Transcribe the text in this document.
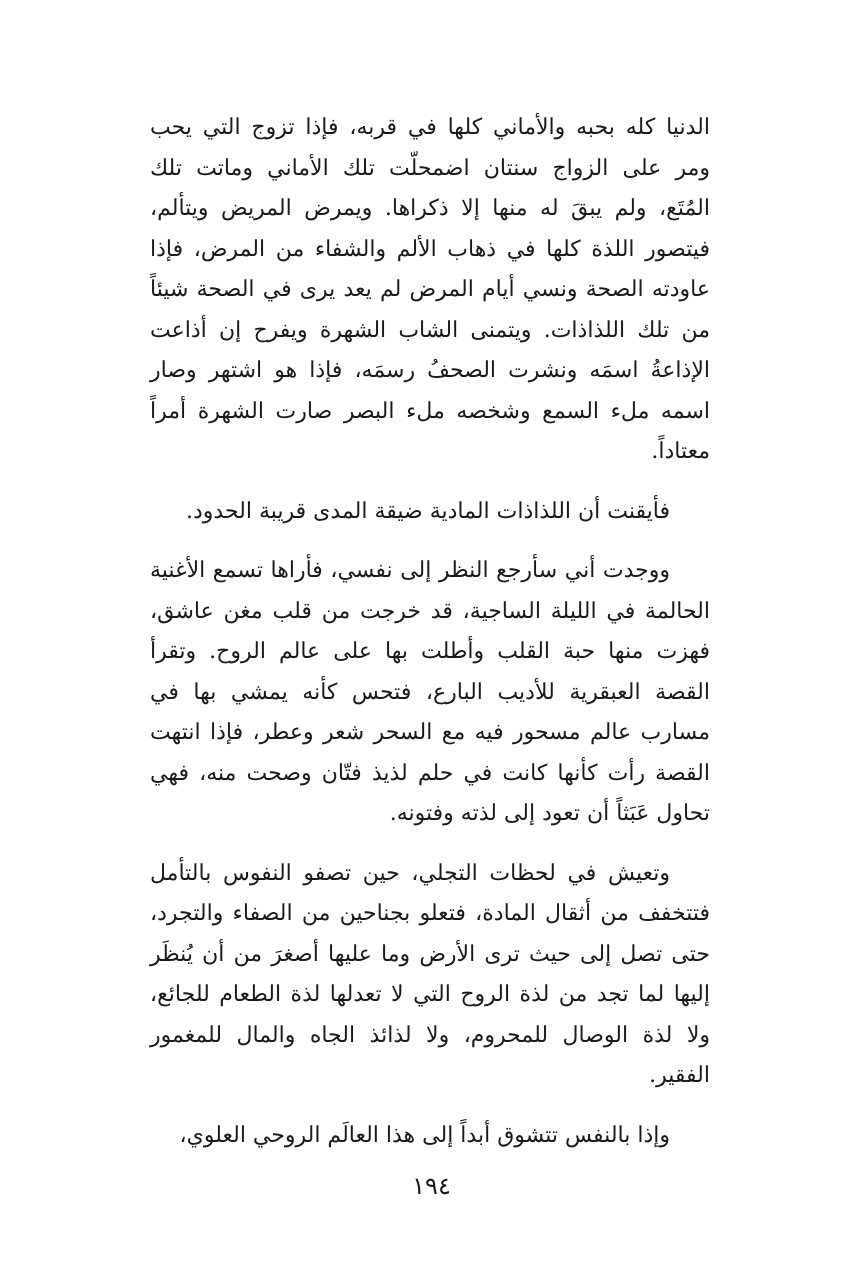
الدنيا كله بحبه والأماني كلها في قربه، فإذا تزوج التي يحب ومر على الزواج سنتان اضمحلّت تلك الأماني وماتت تلك المُتَع، ولم يبقَ له منها إلا ذكراها. ويمرض المريض ويتألم، فيتصور اللذة كلها في ذهاب الألم والشفاء من المرض، فإذا عاودته الصحة ونسي أيام المرض لم يعد يرى في الصحة شيئاً من تلك اللذاذات. ويتمنى الشاب الشهرة ويفرح إن أذاعت الإذاعةُ اسمَه ونشرت الصحفُ رسمَه، فإذا هو اشتهر وصار اسمه ملء السمع وشخصه ملء البصر صارت الشهرة أمراً معتاداً.

فأيقنت أن اللذاذات المادية ضيقة المدى قريبة الحدود.

ووجدت أني سأرجع النظر إلى نفسي، فأراها تسمع الأغنية الحالمة في الليلة الساجية، قد خرجت من قلب مغن عاشق، فهزت منها حبة القلب وأطلت بها على عالم الروح. وتقرأ القصة العبقرية للأديب البارع، فتحس كأنه يمشي بها في مسارب عالم مسحور فيه مع السحر شعر وعطر، فإذا انتهت القصة رأت كأنها كانت في حلم لذيذ فتّان وصحت منه، فهي تحاول عَبَثاً أن تعود إلى لذته وفتونه.

وتعيش في لحظات التجلي، حين تصفو النفوس بالتأمل فتتخفف من أثقال المادة، فتعلو بجناحين من الصفاء والتجرد، حتى تصل إلى حيث ترى الأرض وما عليها أصغرَ من أن يُنظَر إليها لما تجد من لذة الروح التي لا تعدلها لذة الطعام للجائع، ولا لذة الوصال للمحروم، ولا لذائذ الجاه والمال للمغمور الفقير.

وإذا بالنفس تتشوق أبداً إلى هذا العالَم الروحي العلوي،

١٩٤
